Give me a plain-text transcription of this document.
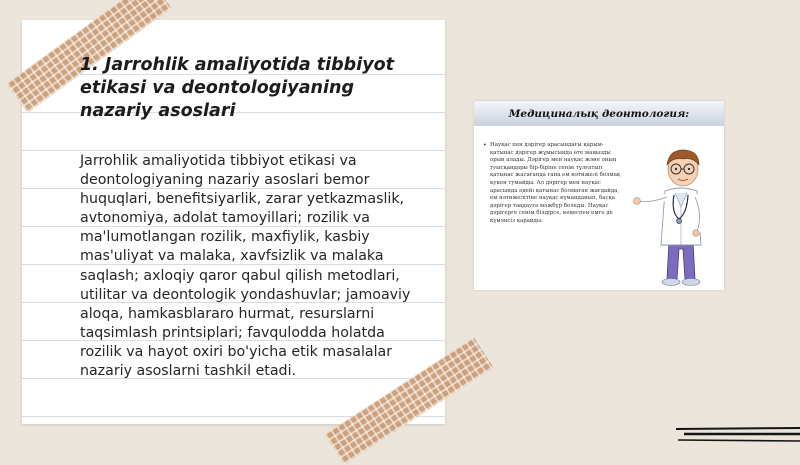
1. Jarrohlik amaliyotida tibbiyot etikasi va deontologiyaning nazariy asoslari

Jarrohlik amaliyotida tibbiyot etikasi va deontologiyaning nazariy asoslari bemor huquqlari, benefitsiyarlik, zarar yetkazmaslik, avtonomiya, adolat tamoyillari; rozilik va ma'lumotlangan rozilik, maxfiylik, kasbiy mas'uliyat va malaka, xavfsizlik va malaka saqlash; axloqiy qaror qabul qilish metodlari, utilitar va deontologik yondashuvlar; jamoaviy aloqa, hamkasblararo hurmat, resurslarni taqsimlash printsiplari; favqulodda holatda rozilik va hayot oxiri bo'yicha etik masalalar nazariy asoslarni tashkil etadi.

Медициналық деонтология:
• Науқас пен дәрігер арасындағы қарым-қатынас дәрігер жұмысында өте маңызды орын алады. Дәрігер мен науқас және оның туысқандары бір-біріне сенім тұлғатып қатынас жасағанда ғана ем нәтижелі болмақ кукен тумайды. Ал дәрігер мен науқас арасында әдейі қатынас болмаған жағдайда, ем нәтижелітіне науқас күманданып, басқа дәрігер таңдауға мәжбүр болады. Науқас дәрігерге сенім білдірсе, кеңеспен емге де күмәнсіз қарайды.
